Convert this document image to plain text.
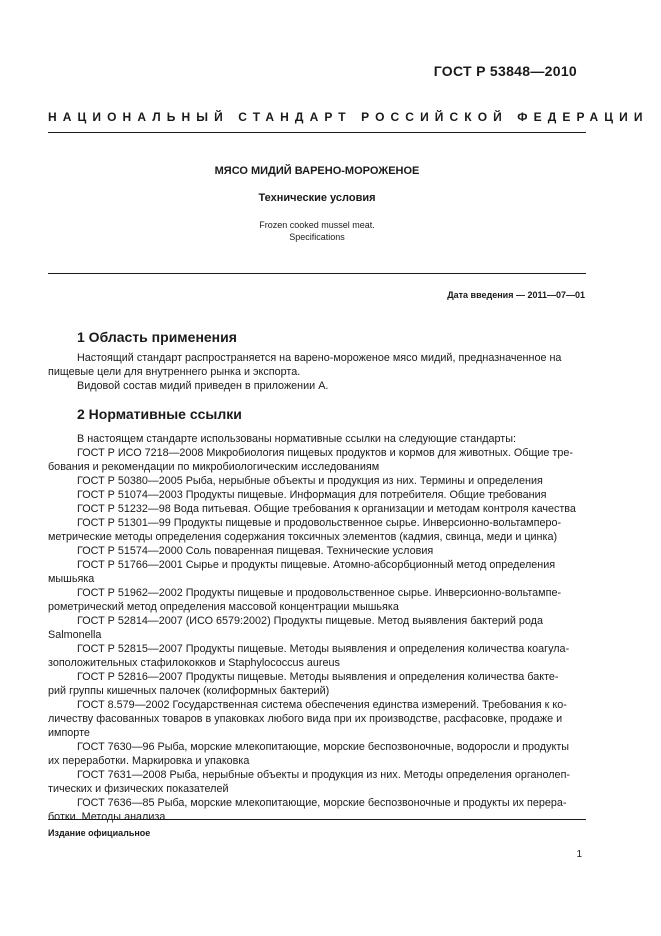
ГОСТ Р 53848—2010
НАЦИОНАЛЬНЫЙ СТАНДАРТ РОССИЙСКОЙ ФЕДЕРАЦИИ
МЯСО МИДИЙ ВАРЕНО-МОРОЖЕНОЕ
Технические условия
Frozen cooked mussel meat.
Specifications
Дата введения — 2011—07—01
1 Область применения
Настоящий стандарт распространяется на варено-мороженое мясо мидий, предназначенное на
пищевые цели для внутреннего рынка и экспорта.
Видовой состав мидий приведен в приложении А.
2 Нормативные ссылки
В настоящем стандарте использованы нормативные ссылки на следующие стандарты:
ГОСТ Р ИСО 7218—2008 Микробиология пищевых продуктов и кормов для животных. Общие тре-
бования и рекомендации по микробиологическим исследованиям
ГОСТ Р 50380—2005 Рыба, нерыбные объекты и продукция из них. Термины и определения
ГОСТ Р 51074—2003 Продукты пищевые. Информация для потребителя. Общие требования
ГОСТ Р 51232—98 Вода питьевая. Общие требования к организации и методам контроля качества
ГОСТ Р 51301—99 Продукты пищевые и продовольственное сырье. Инверсионно-вольтамперо-
метрические методы определения содержания токсичных элементов (кадмия, свинца, меди и цинка)
ГОСТ Р 51574—2000 Соль поваренная пищевая. Технические условия
ГОСТ Р 51766—2001 Сырье и продукты пищевые. Атомно-абсорбционный метод определения
мышьяка
ГОСТ Р 51962—2002 Продукты пищевые и продовольственное сырье. Инверсионно-вольтампе-
рометрический метод определения массовой концентрации мышьяка
ГОСТ Р 52814—2007 (ИСО 6579:2002) Продукты пищевые. Метод выявления бактерий рода
Salmonella
ГОСТ Р 52815—2007 Продукты пищевые. Методы выявления и определения количества коагула-
зоположительных стафилококков и Staphylococcus aureus
ГОСТ Р 52816—2007 Продукты пищевые. Методы выявления и определения количества бакте-
рий группы кишечных палочек (колиформных бактерий)
ГОСТ 8.579—2002 Государственная система обеспечения единства измерений. Требования к ко-
личеству фасованных товаров в упаковках любого вида при их производстве, расфасовке, продаже и
импорте
ГОСТ 7630—96 Рыба, морские млекопитающие, морские беспозвоночные, водоросли и продукты
их переработки. Маркировка и упаковка
ГОСТ 7631—2008 Рыба, нерыбные объекты и продукция из них. Методы определения органолеп-
тических и физических показателей
ГОСТ 7636—85 Рыба, морские млекопитающие, морские беспозвоночные и продукты их перера-
ботки. Методы анализа
Издание официальное
1
